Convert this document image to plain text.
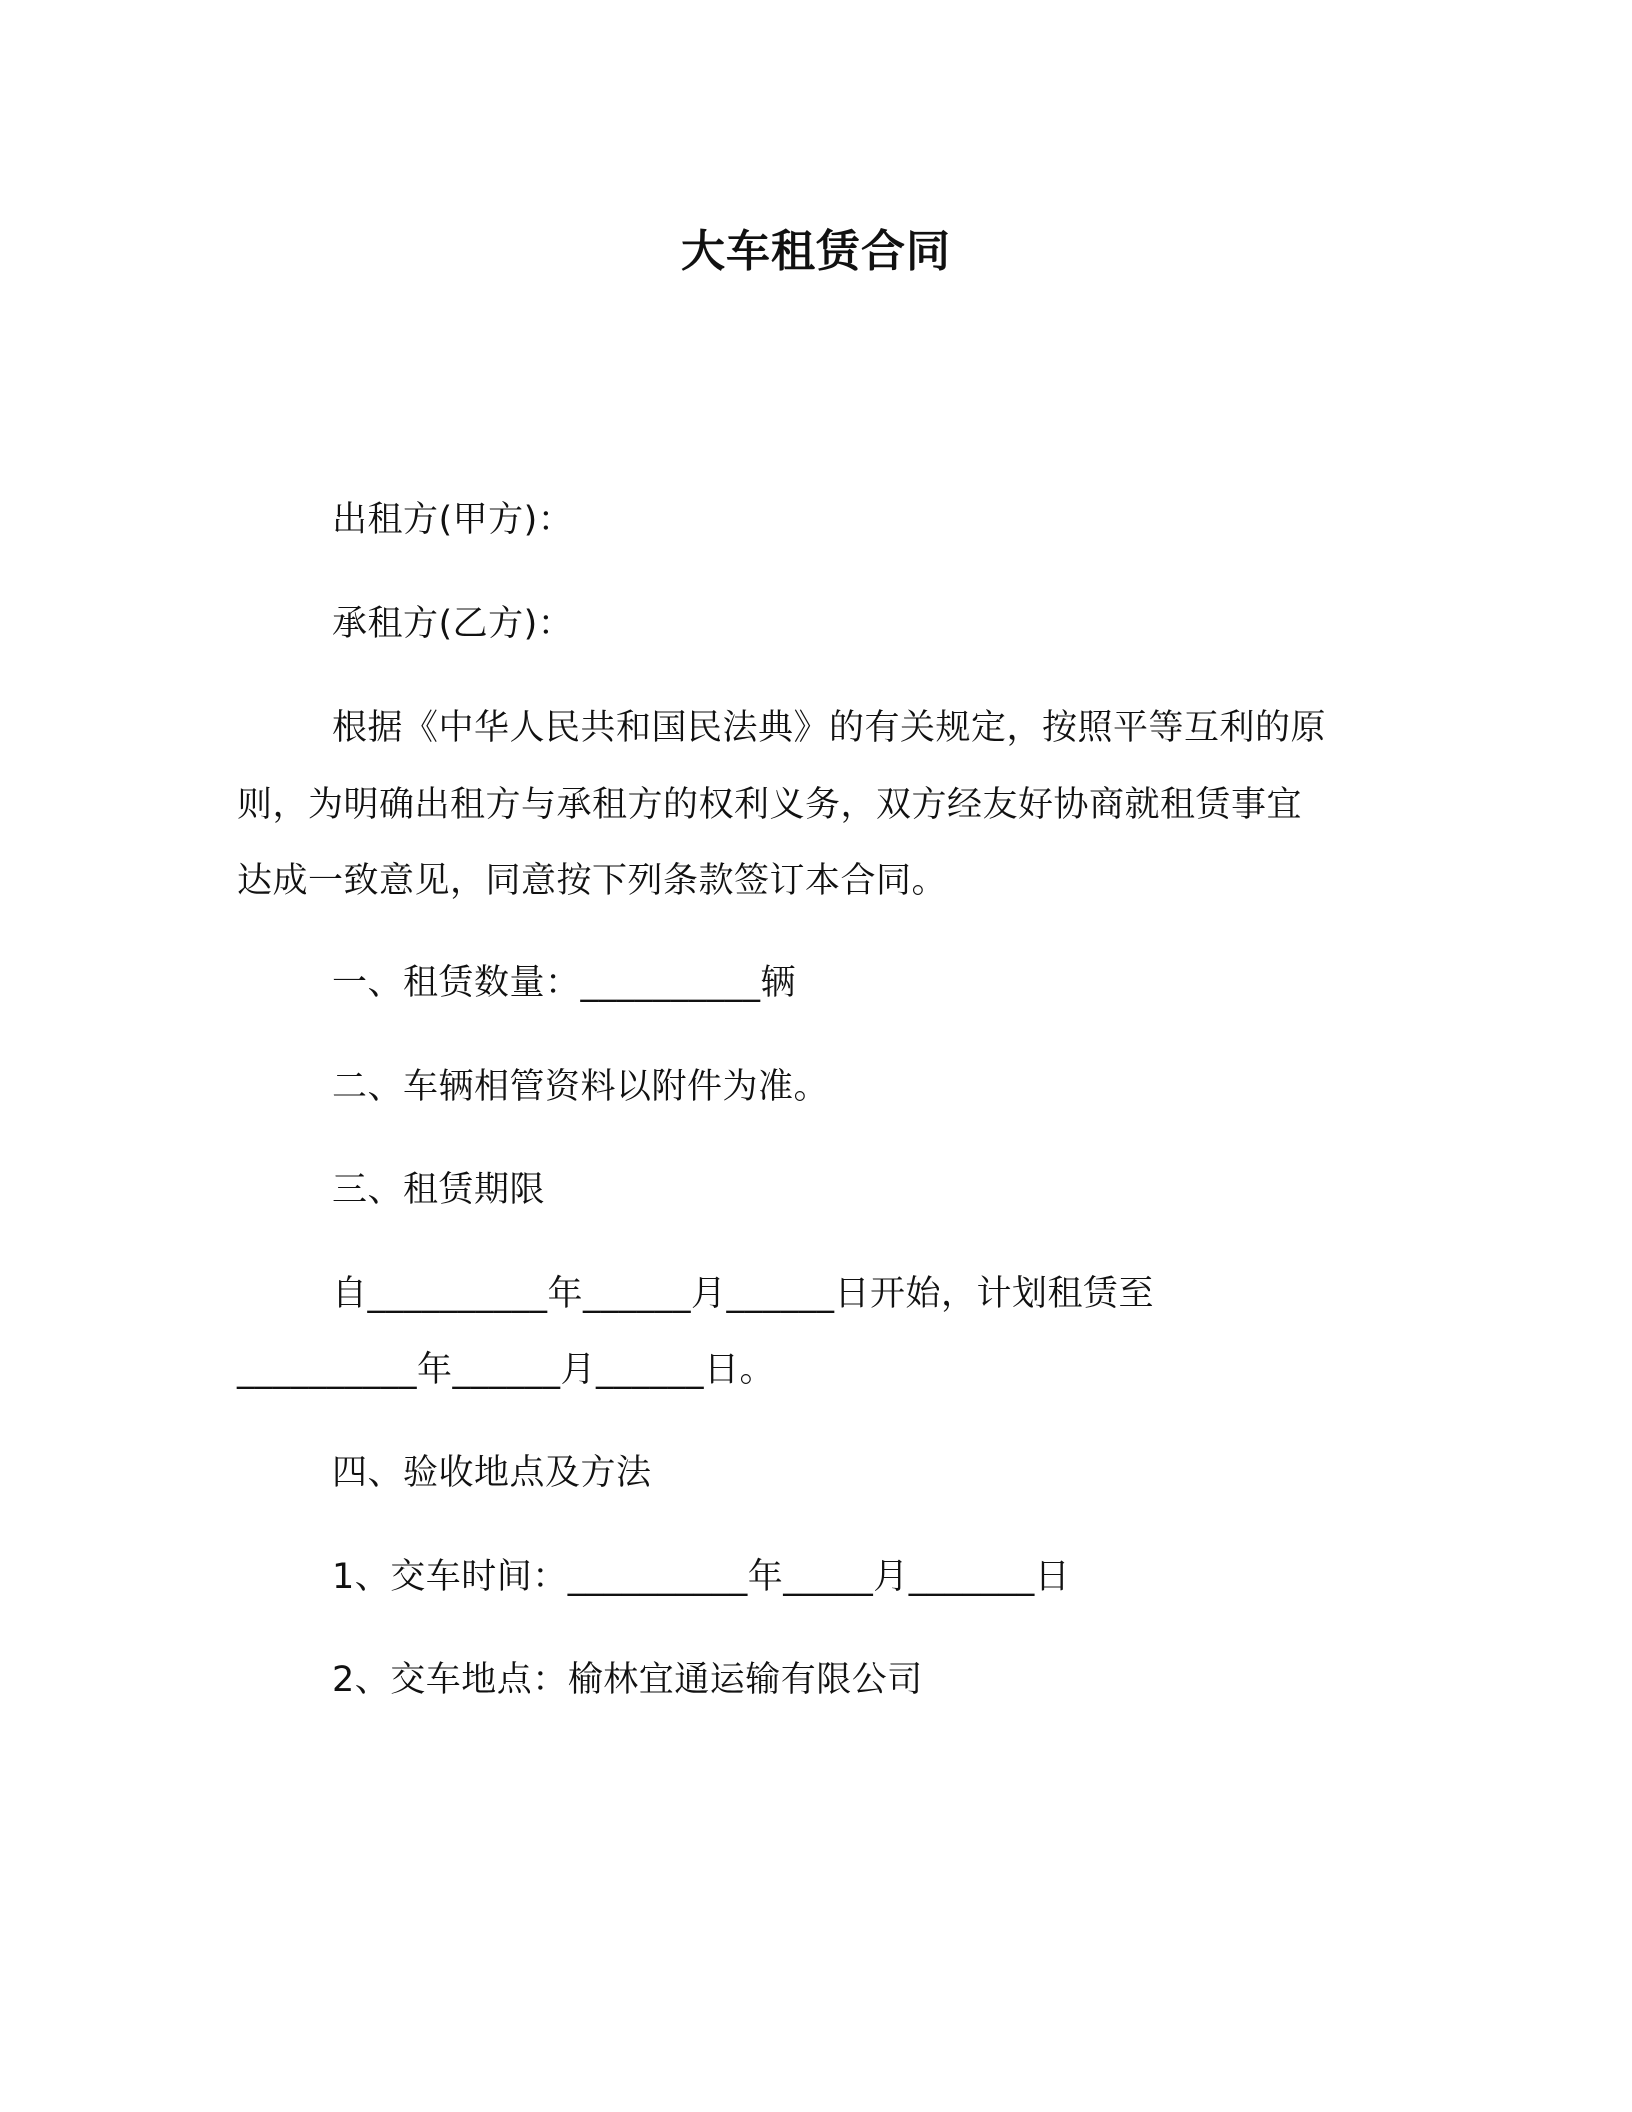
大车租赁合同
出租方(甲方)：
承租方(乙方)：
根据《中华人民共和国民法典》的有关规定，按照平等互利的原
则，为明确出租方与承租方的权利义务，双方经友好协商就租赁事宜
达成一致意见，同意按下列条款签订本合同。
一、租赁数量：__________辆
二、车辆相管资料以附件为准。
三、租赁期限
自__________年______月______日开始，计划租赁至
__________年______月______日。
四、验收地点及方法
1、交车时间：__________年_____月_______日
2、交车地点：榆林宜通运输有限公司
